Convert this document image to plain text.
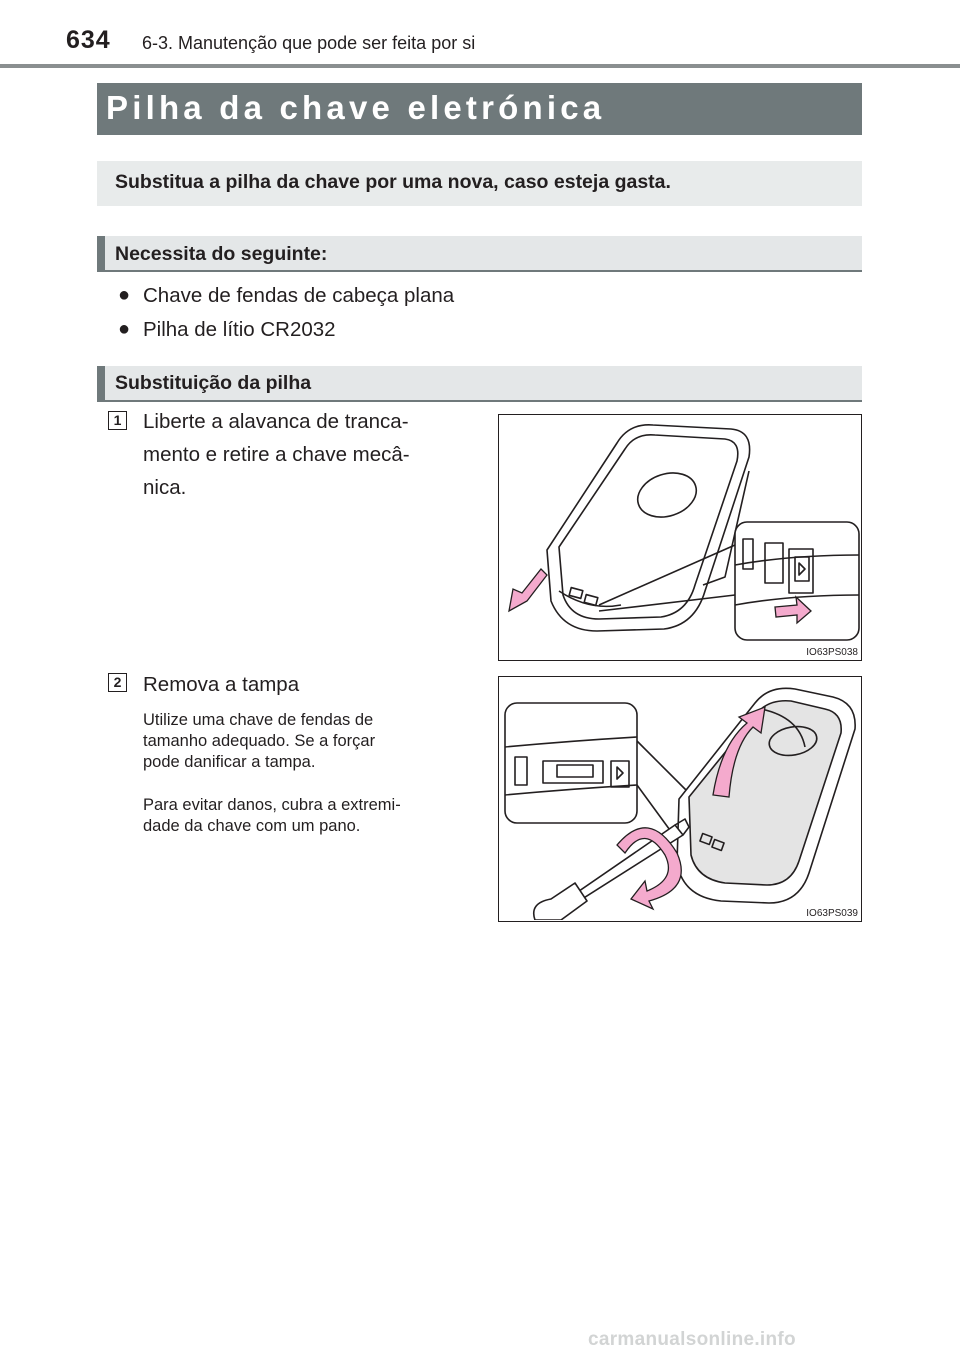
634 6-3. Manutenção que pode ser feita por si
Pilha da chave eletrónica
Substitua a pilha da chave por uma nova, caso esteja gasta.
Necessita do seguinte:
● Chave de fendas de cabeça plana
● Pilha de lítio CR2032
Substituição da pilha
1 Liberte a alavanca de tranca-
mento e retire a chave mecâ-
nica.
IO63PS038
2 Remova a tampa
Utilize uma chave de fendas de
tamanho adequado. Se a forçar
pode danificar a tampa.
Para evitar danos, cubra a extremi-
dade da chave com um pano.
IO63PS039
carmanualsonline.info
